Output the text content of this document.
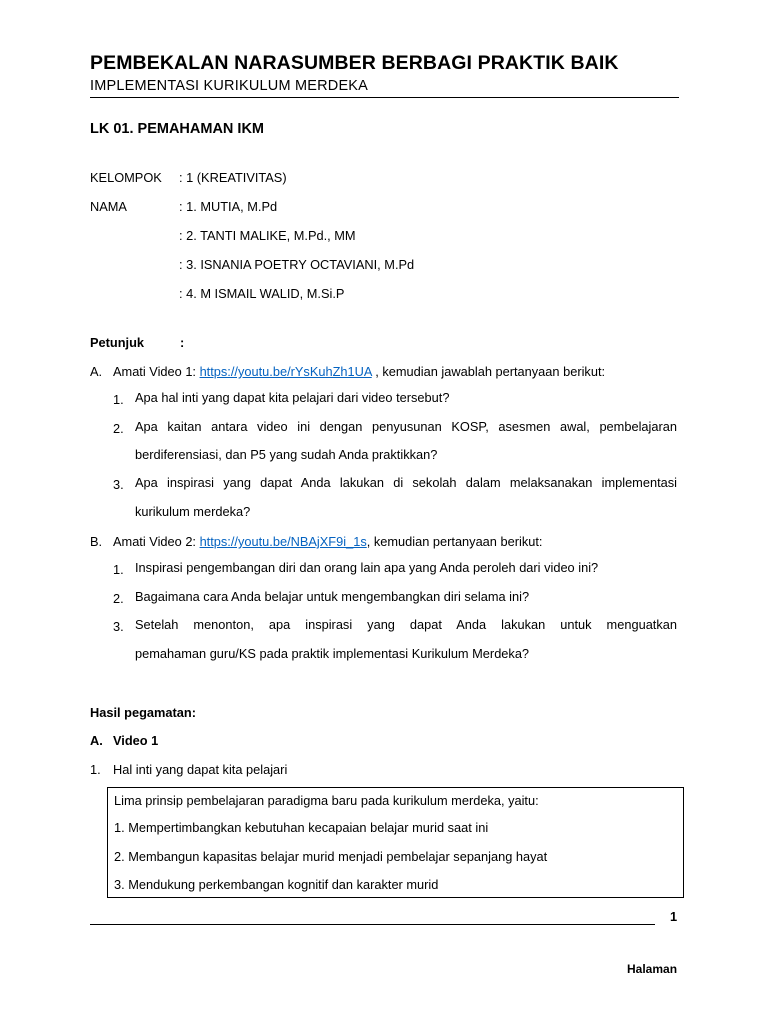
PEMBEKALAN NARASUMBER BERBAGI PRAKTIK BAIK
IMPLEMENTASI KURIKULUM MERDEKA
LK 01. PEMAHAMAN IKM
KELOMPOK : 1 (KREATIVITAS)
NAMA	: 1. MUTIA, M.Pd
: 2. TANTI MALIKE, M.Pd., MM
: 3. ISNANIA POETRY OCTAVIANI, M.Pd
: 4. M ISMAIL WALID, M.Si.P
Petunjuk	:
A. Amati Video 1: https://youtu.be/rYsKuhZh1UA , kemudian jawablah pertanyaan berikut:
1. Apa hal inti yang dapat kita pelajari dari video tersebut?
2. Apa kaitan antara video ini dengan penyusunan KOSP, asesmen awal, pembelajaran
berdiferensiasi, dan P5 yang sudah Anda praktikkan?
3. Apa inspirasi yang dapat Anda lakukan di sekolah dalam melaksanakan implementasi
kurikulum merdeka?
B. Amati Video 2: https://youtu.be/NBAjXF9i_1s, kemudian pertanyaan berikut:
1. Inspirasi pengembangan diri dan orang lain apa yang Anda peroleh dari video ini?
2. Bagaimana cara Anda belajar untuk mengembangkan diri selama ini?
3. Setelah menonton, apa inspirasi yang dapat Anda lakukan untuk menguatkan
pemahaman guru/KS pada praktik implementasi Kurikulum Merdeka?
Hasil pegamatan:
A. Video 1
1. Hal inti yang dapat kita pelajari
Lima prinsip pembelajaran paradigma baru pada kurikulum merdeka, yaitu:
1. Mempertimbangkan kebutuhan kecapaian belajar murid saat ini
2. Membangun kapasitas belajar murid menjadi pembelajar sepanjang hayat
3. Mendukung perkembangan kognitif dan karakter murid
1
Halaman
